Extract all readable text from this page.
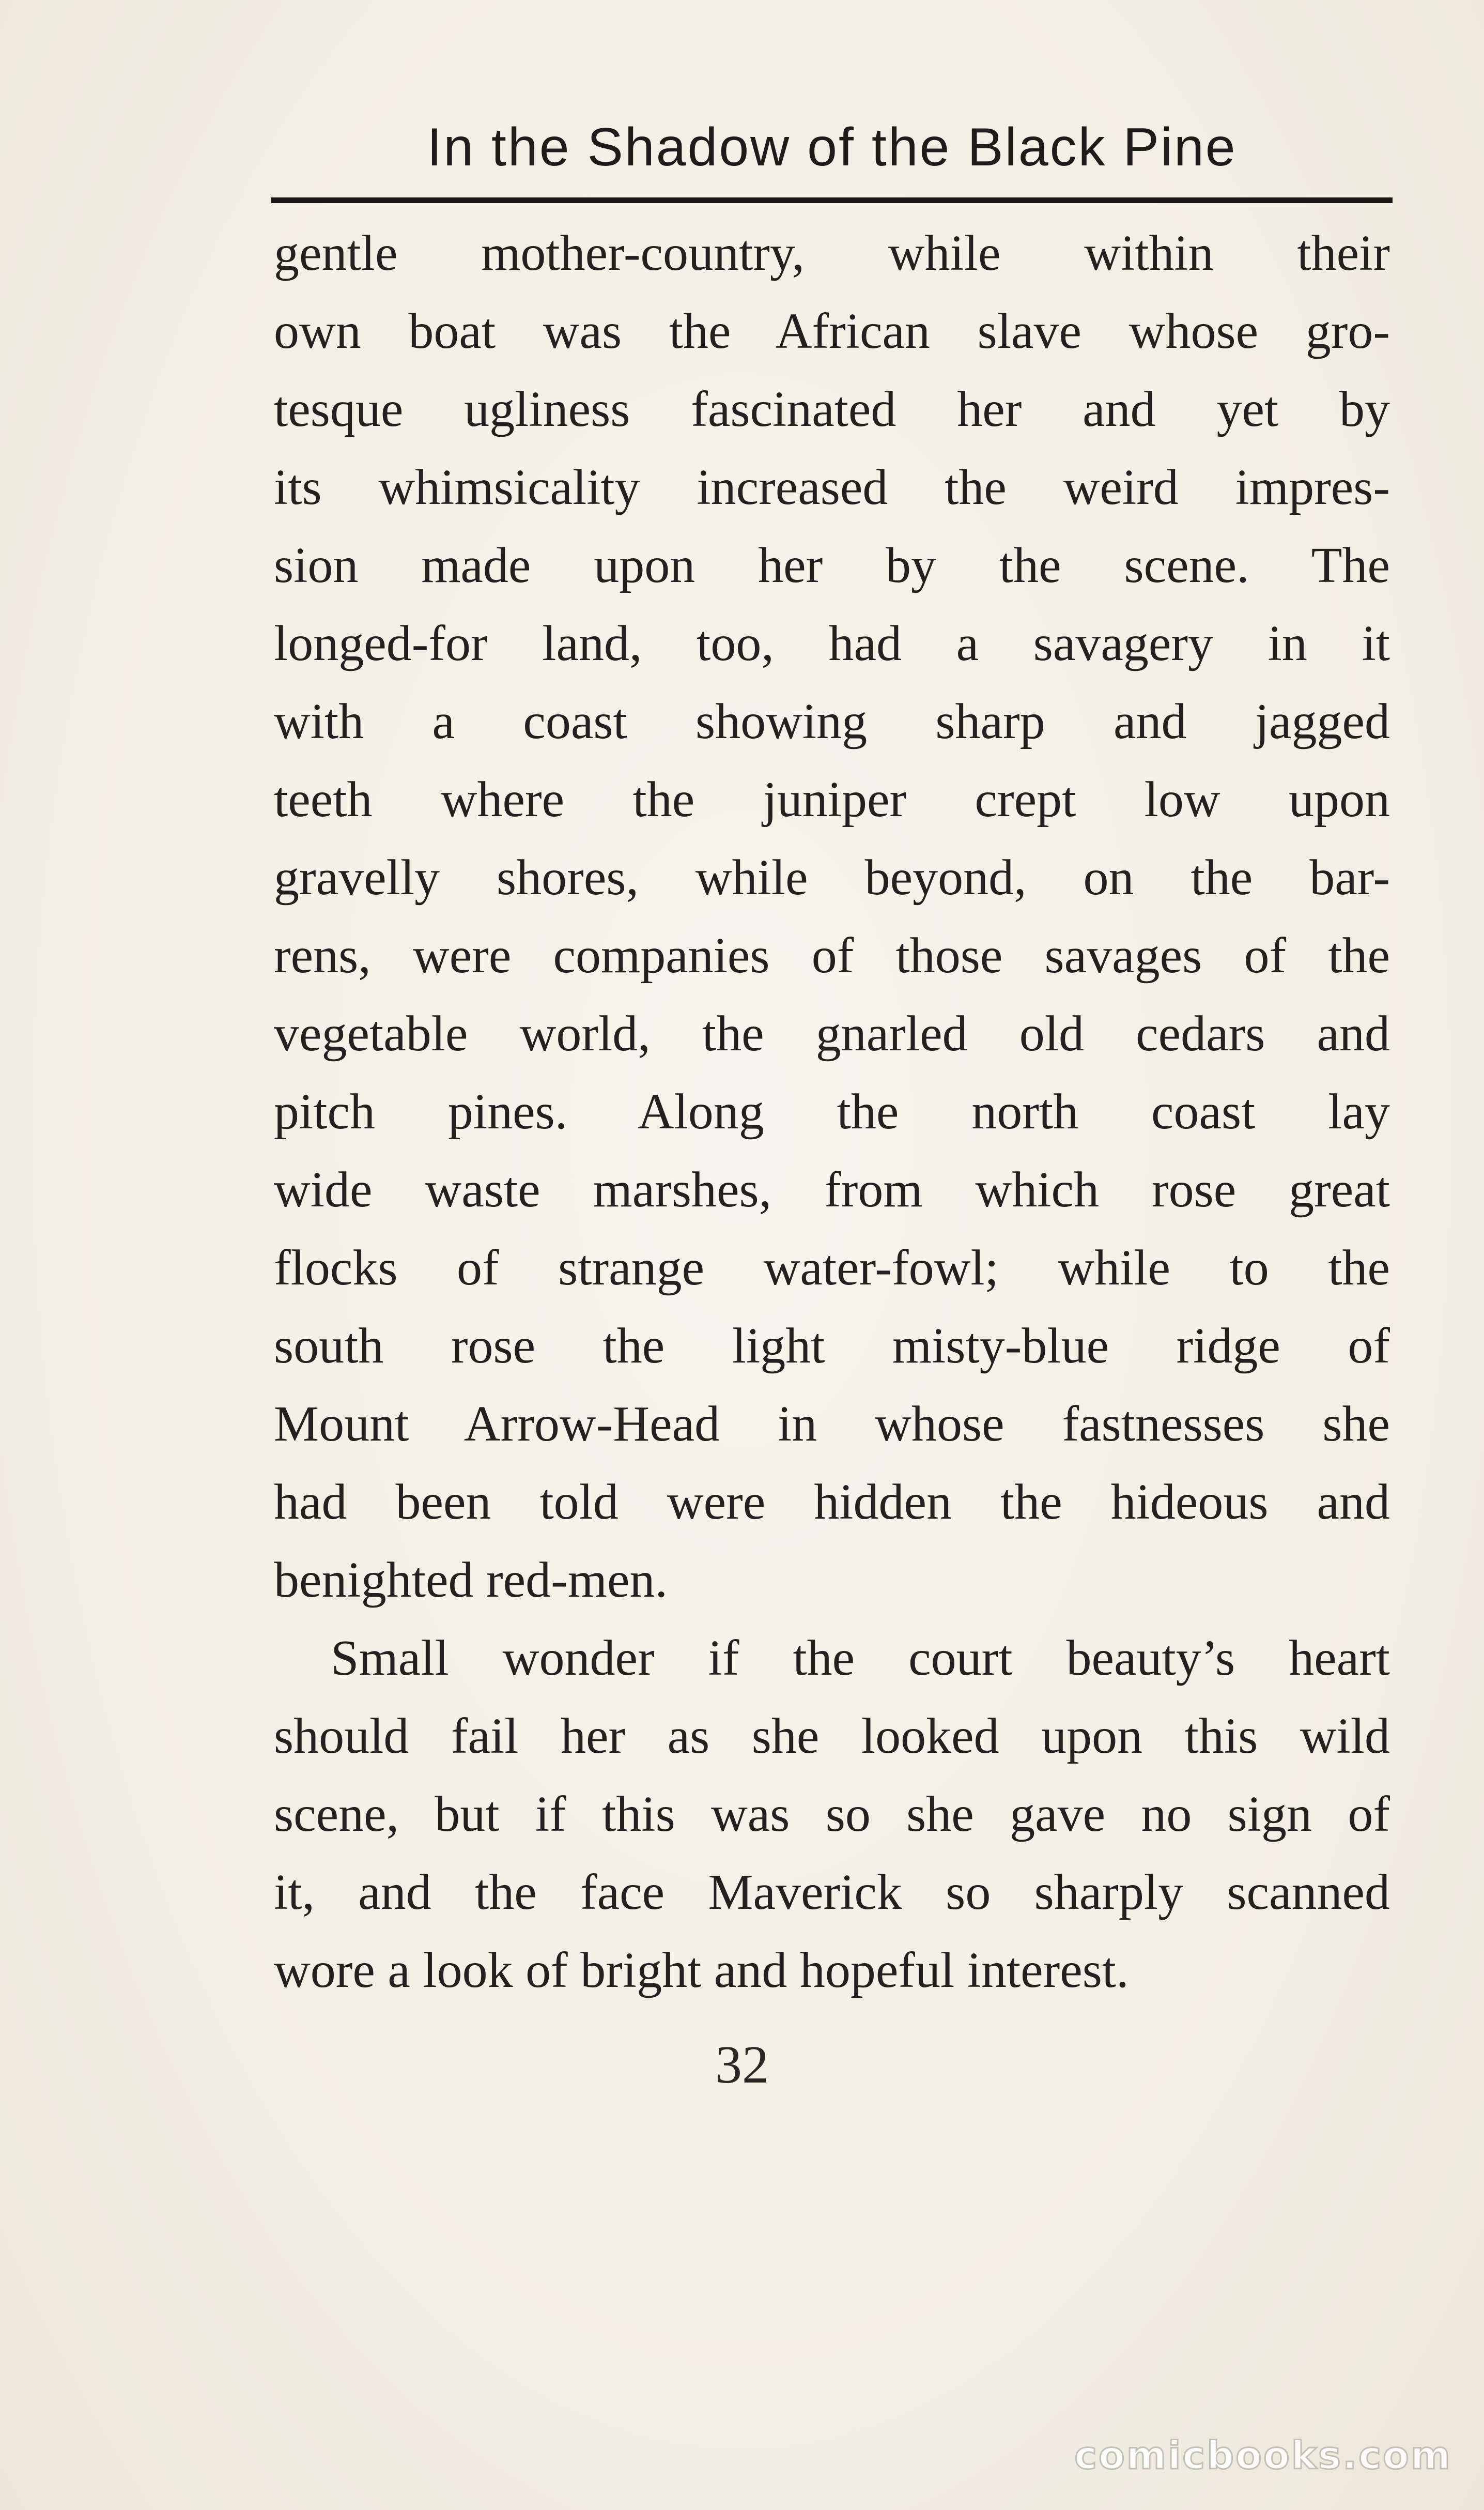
In the Shadow of the Black Pine

gentle mother-country, while within their
own boat was the African slave whose gro-
tesque ugliness fascinated her and yet by
its whimsicality increased the weird impres-
sion made upon her by the scene. The
longed-for land, too, had a savagery in it
with a coast showing sharp and jagged
teeth where the juniper crept low upon
gravelly shores, while beyond, on the bar-
rens, were companies of those savages of the
vegetable world, the gnarled old cedars and
pitch pines. Along the north coast lay
wide waste marshes, from which rose great
flocks of strange water-fowl; while to the
south rose the light misty-blue ridge of
Mount Arrow-Head in whose fastnesses she
had been told were hidden the hideous and
benighted red-men.

Small wonder if the court beauty’s heart
should fail her as she looked upon this wild
scene, but if this was so she gave no sign of
it, and the face Maverick so sharply scanned
wore a look of bright and hopeful interest.

32
comicbooks.com
